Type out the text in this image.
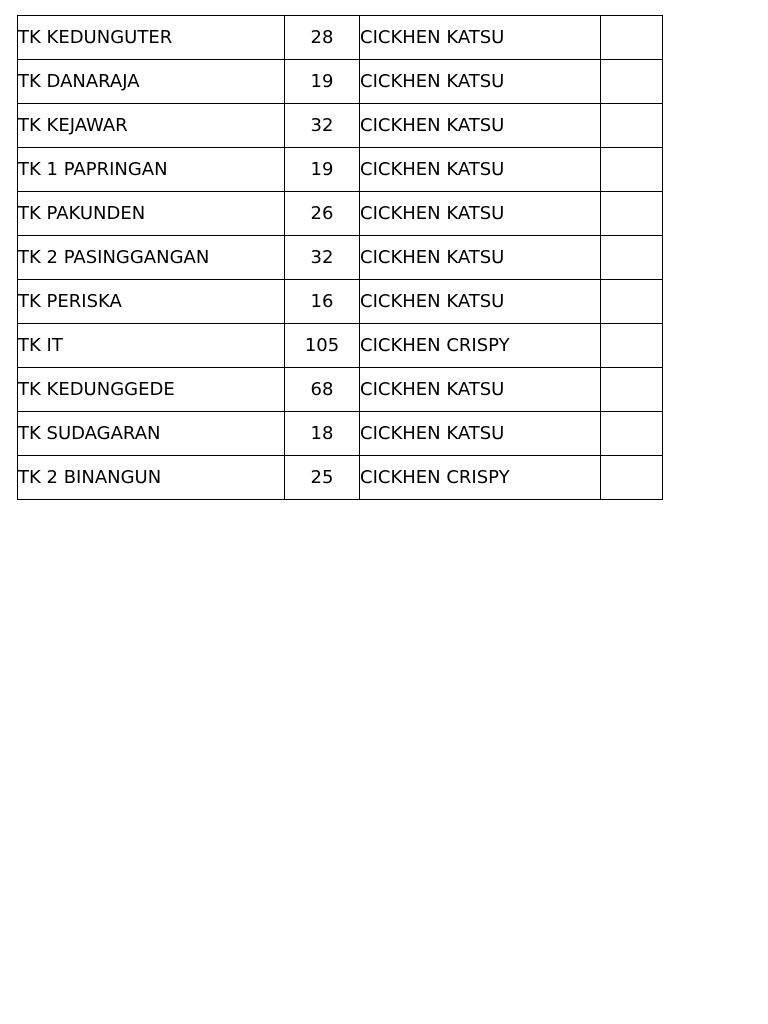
TK KEDUNGUTER	28	CICKHEN KATSU	
TK DANARAJA	19	CICKHEN KATSU	
TK KEJAWAR	32	CICKHEN KATSU	
TK 1 PAPRINGAN	19	CICKHEN KATSU	
TK PAKUNDEN	26	CICKHEN KATSU	
TK 2 PASINGGANGAN	32	CICKHEN KATSU	
TK PERISKA	16	CICKHEN KATSU	
TK IT	105	CICKHEN CRISPY	
TK KEDUNGGEDE	68	CICKHEN KATSU	
TK SUDAGARAN	18	CICKHEN KATSU	
TK 2 BINANGUN	25	CICKHEN CRISPY	
